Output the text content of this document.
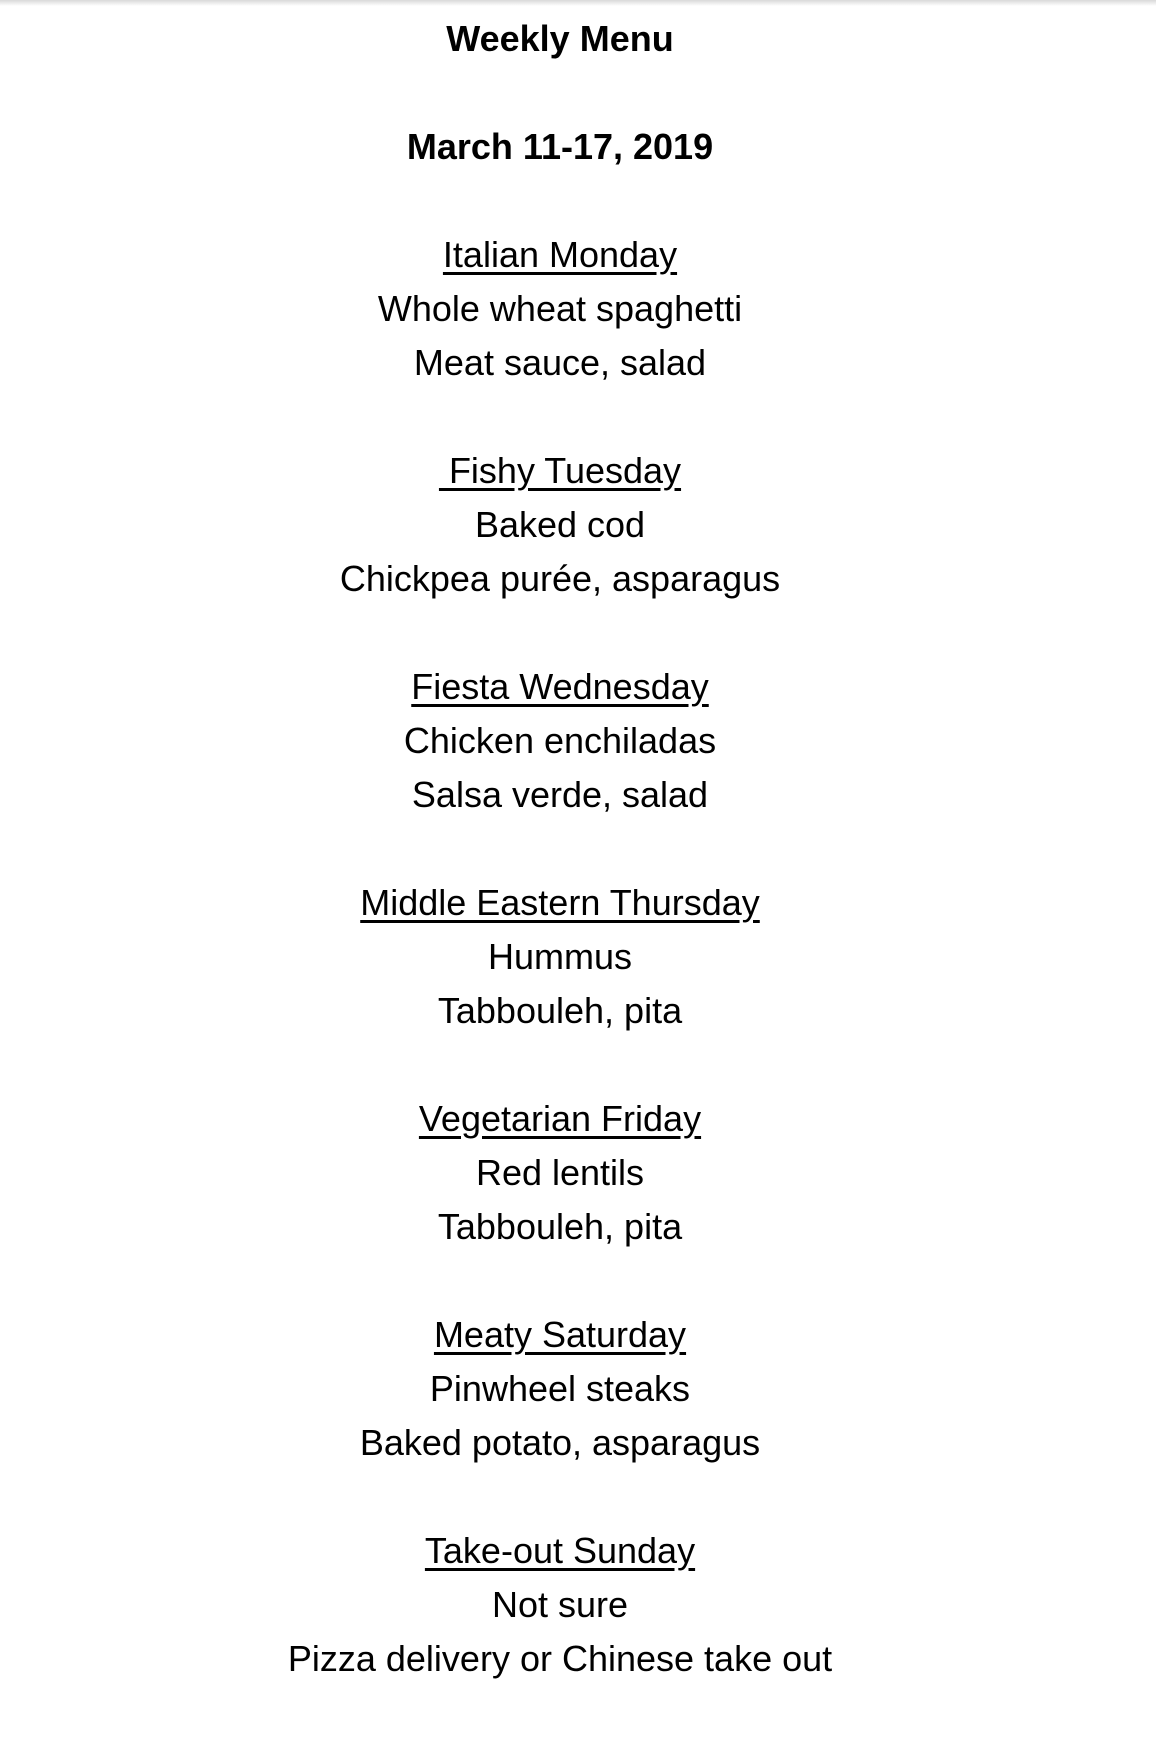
Weekly Menu
March 11-17, 2019
Italian Monday
Whole wheat spaghetti
Meat sauce, salad
Fishy Tuesday
Baked cod
Chickpea purée, asparagus
Fiesta Wednesday
Chicken enchiladas
Salsa verde, salad
Middle Eastern Thursday
Hummus
Tabbouleh, pita
Vegetarian Friday
Red lentils
Tabbouleh, pita
Meaty Saturday
Pinwheel steaks
Baked potato, asparagus
Take-out Sunday
Not sure
Pizza delivery or Chinese take out
